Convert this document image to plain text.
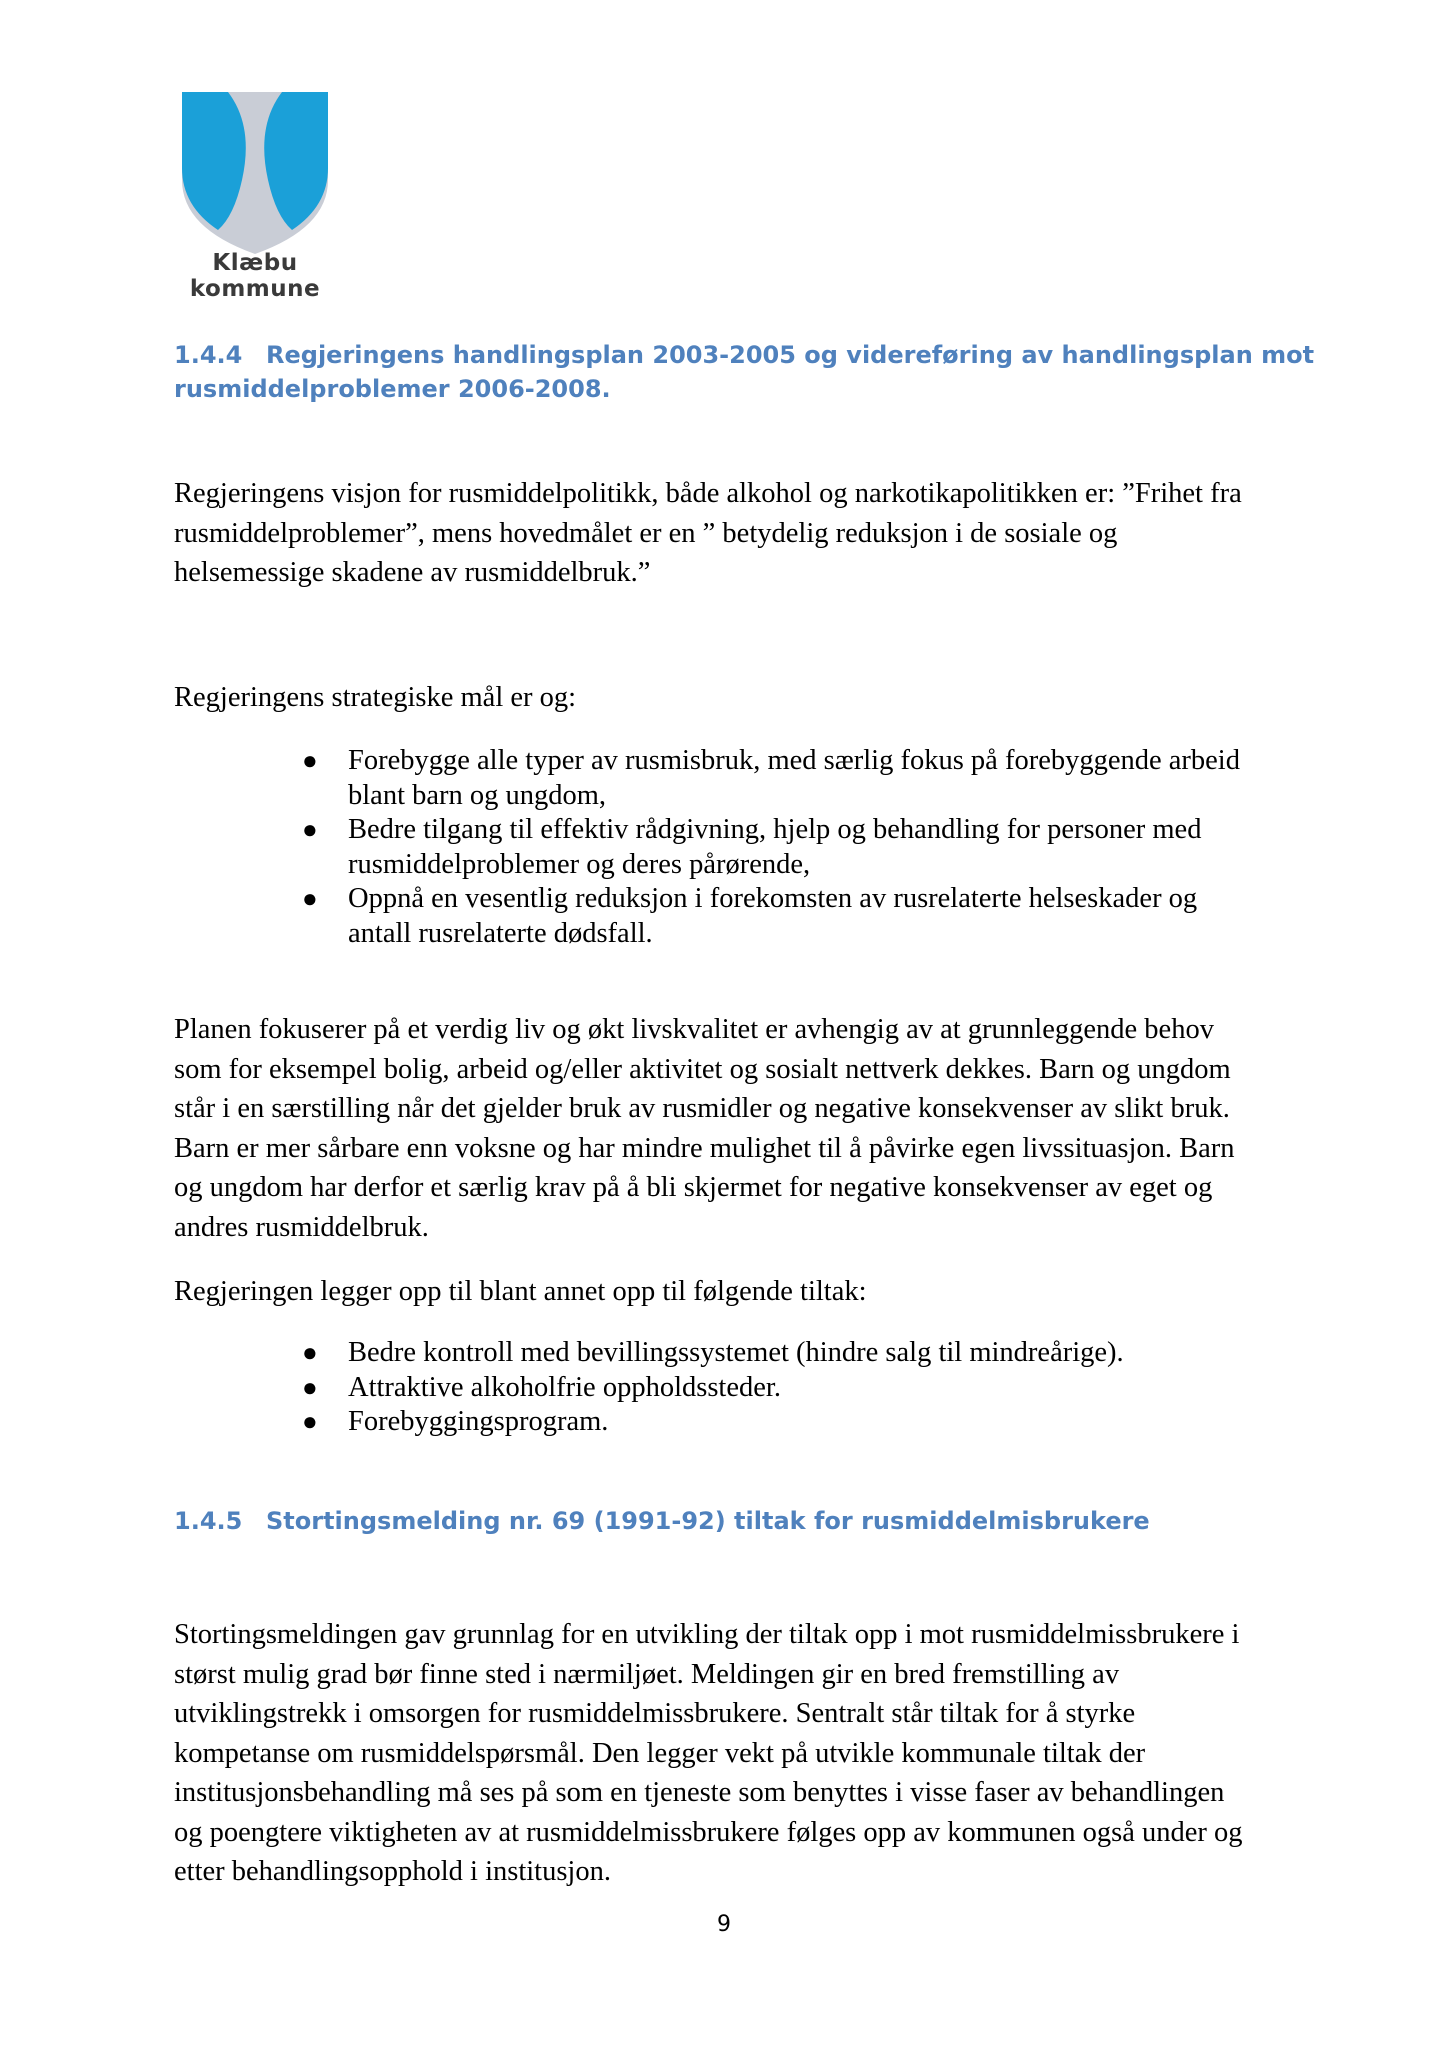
Klæbu
kommune
1.4.4 Regjeringens handlingsplan 2003-2005 og videreføring av handlingsplan mot
rusmiddelproblemer 2006-2008.
Regjeringens visjon for rusmiddelpolitikk, både alkohol og narkotikapolitikken er: ”Frihet fra
rusmiddelproblemer”, mens hovedmålet er en ” betydelig reduksjon i de sosiale og
helsemessige skadene av rusmiddelbruk.”
Regjeringens strategiske mål er og:
● Forebygge alle typer av rusmisbruk, med særlig fokus på forebyggende arbeid
blant barn og ungdom,
● Bedre tilgang til effektiv rådgivning, hjelp og behandling for personer med
rusmiddelproblemer og deres pårørende,
● Oppnå en vesentlig reduksjon i forekomsten av rusrelaterte helseskader og
antall rusrelaterte dødsfall.
Planen fokuserer på et verdig liv og økt livskvalitet er avhengig av at grunnleggende behov
som for eksempel bolig, arbeid og/eller aktivitet og sosialt nettverk dekkes. Barn og ungdom
står i en særstilling når det gjelder bruk av rusmidler og negative konsekvenser av slikt bruk.
Barn er mer sårbare enn voksne og har mindre mulighet til å påvirke egen livssituasjon. Barn
og ungdom har derfor et særlig krav på å bli skjermet for negative konsekvenser av eget og
andres rusmiddelbruk.
Regjeringen legger opp til blant annet opp til følgende tiltak:
● Bedre kontroll med bevillingssystemet (hindre salg til mindreårige).
● Attraktive alkoholfrie oppholdssteder.
● Forebyggingsprogram.
1.4.5 Stortingsmelding nr. 69 (1991-92) tiltak for rusmiddelmisbrukere
Stortingsmeldingen gav grunnlag for en utvikling der tiltak opp i mot rusmiddelmissbrukere i
størst mulig grad bør finne sted i nærmiljøet. Meldingen gir en bred fremstilling av
utviklingstrekk i omsorgen for rusmiddelmissbrukere. Sentralt står tiltak for å styrke
kompetanse om rusmiddelspørsmål. Den legger vekt på utvikle kommunale tiltak der
institusjonsbehandling må ses på som en tjeneste som benyttes i visse faser av behandlingen
og poengtere viktigheten av at rusmiddelmissbrukere følges opp av kommunen også under og
etter behandlingsopphold i institusjon.
9
